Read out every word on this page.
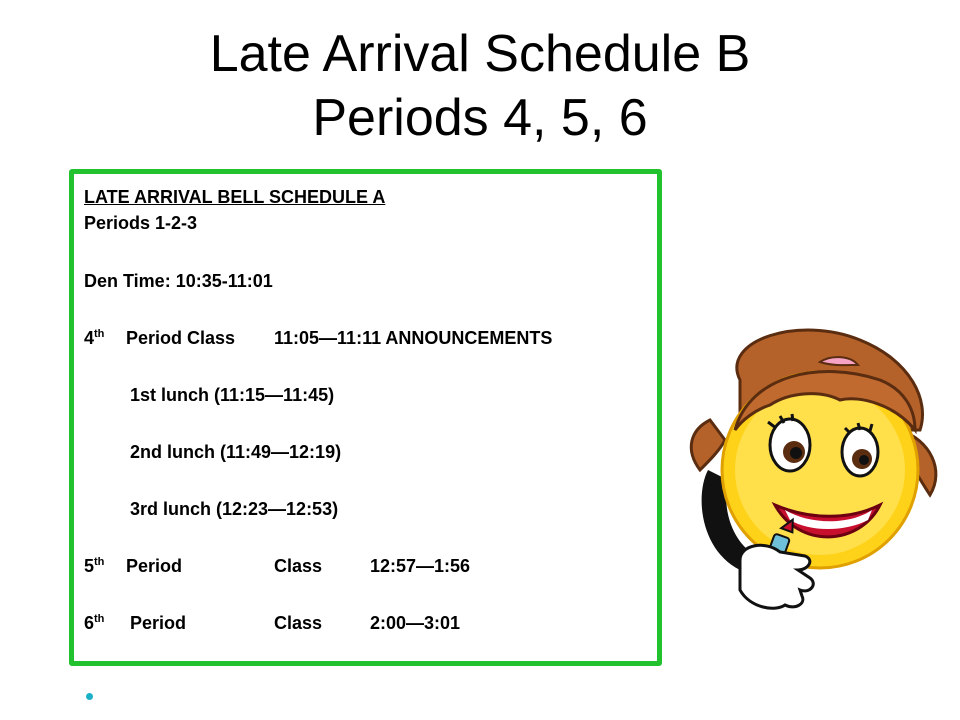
Late Arrival Schedule B
Periods 4, 5, 6
LATE ARRIVAL BELL SCHEDULE A
Periods 1-2-3
Den Time: 10:35-11:01
4th Period Class 11:05—11:11 ANNOUNCEMENTS
1st lunch (11:15—11:45)
2nd lunch (11:49—12:19)
3rd lunch (12:23—12:53)
5th Period	Class	12:57—1:56
6th Period	Class	2:00—3:01
